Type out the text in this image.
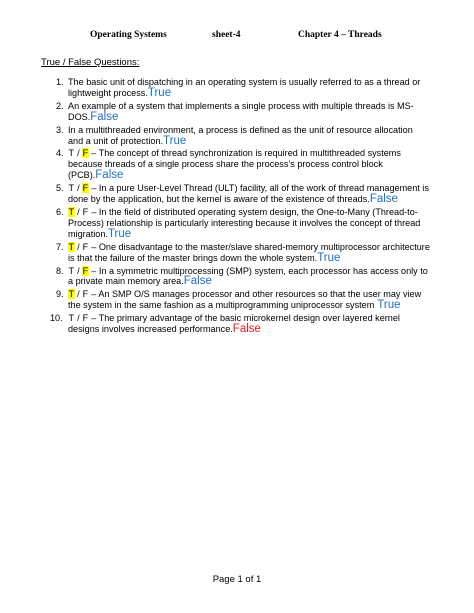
Operating Systems	sheet-4	Chapter 4 – Threads
True / False Questions:
1. The basic unit of dispatching in an operating system is usually referred to as a thread or lightweight process.True
2. An example of a system that implements a single process with multiple threads is MS-DOS.False
3. In a multithreaded environment, a process is defined as the unit of resource allocation and a unit of protection.True
4. T / F – The concept of thread synchronization is required in multithreaded systems because threads of a single process share the process’s process control block (PCB).False
5. T / F – In a pure User-Level Thread (ULT) facility, all of the work of thread management is done by the application, but the kernel is aware of the existence of threads.False
6. T / F – In the field of distributed operating system design, the One-to-Many (Thread-to-Process) relationship is particularly interesting because it involves the concept of thread migration.True
7. T / F – One disadvantage to the master/slave shared-memory multiprocessor architecture is that the failure of the master brings down the whole system.True
8. T / F – In a symmetric multiprocessing (SMP) system, each processor has access only to a private main memory area.False
9. T / F – An SMP O/S manages processor and other resources so that the user may view the system in the same fashion as a multiprogramming uniprocessor system True
10. T / F – The primary advantage of the basic microkernel design over layered kernel designs involves increased performance.False
Page 1 of 1
